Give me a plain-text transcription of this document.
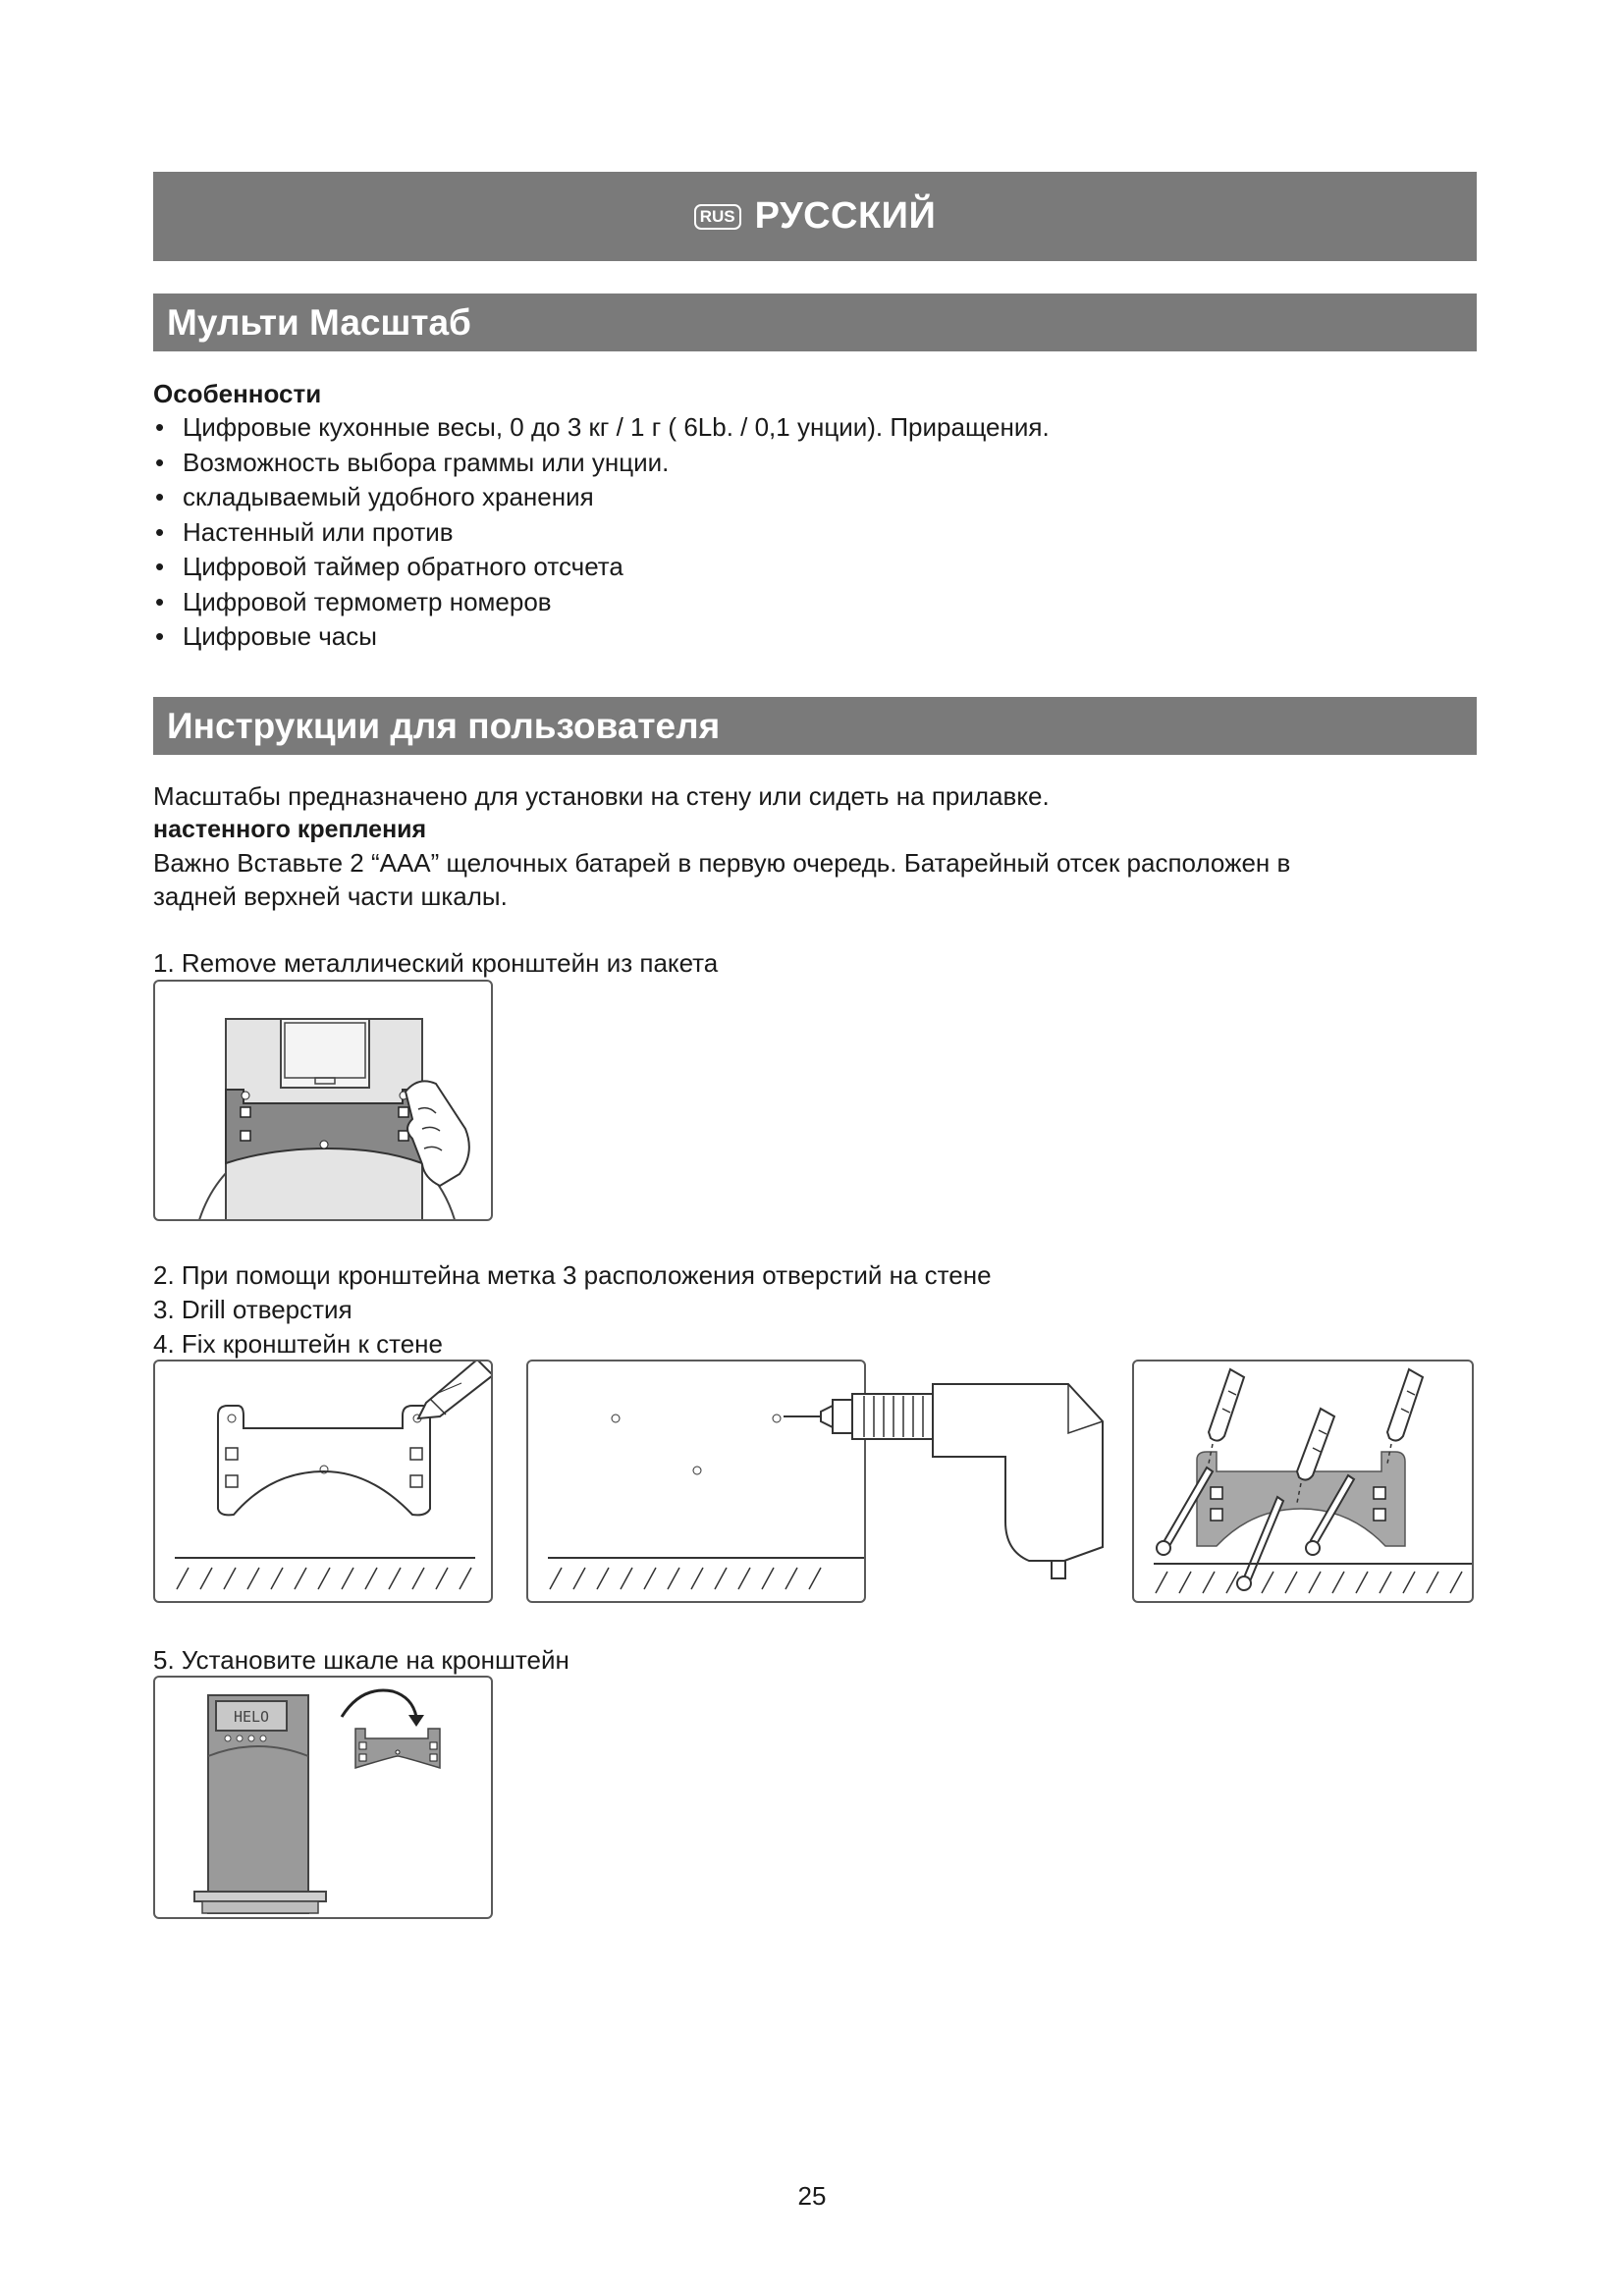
RUS РУССКИЙ
Мульти Масштаб
Особенности
• Цифровые кухонные весы, 0 до 3 кг / 1 г ( 6Lb. / 0,1 унции). Приращения.
• Возможность выбора граммы или унции.
• складываемый удобного хранения
• Настенный или против
• Цифровой таймер обратного отсчета
• Цифровой термометр номеров
• Цифровые часы
Инструкции для пользователя
Масштабы предназначено для установки на стену или сидеть на прилавке.
настенного крепления
Важно Вставьте 2 “AAA” щелочных батарей в первую очередь. Батарейный отсек расположен в
задней верхней части шкалы.
1. Remove металлический кронштейн из пакета
2. При помощи кронштейна метка 3 расположения отверстий на стене
3. Drill отверстия
4. Fix кронштейн к стене
5. Установите шкале на кронштейн
HELO
25
